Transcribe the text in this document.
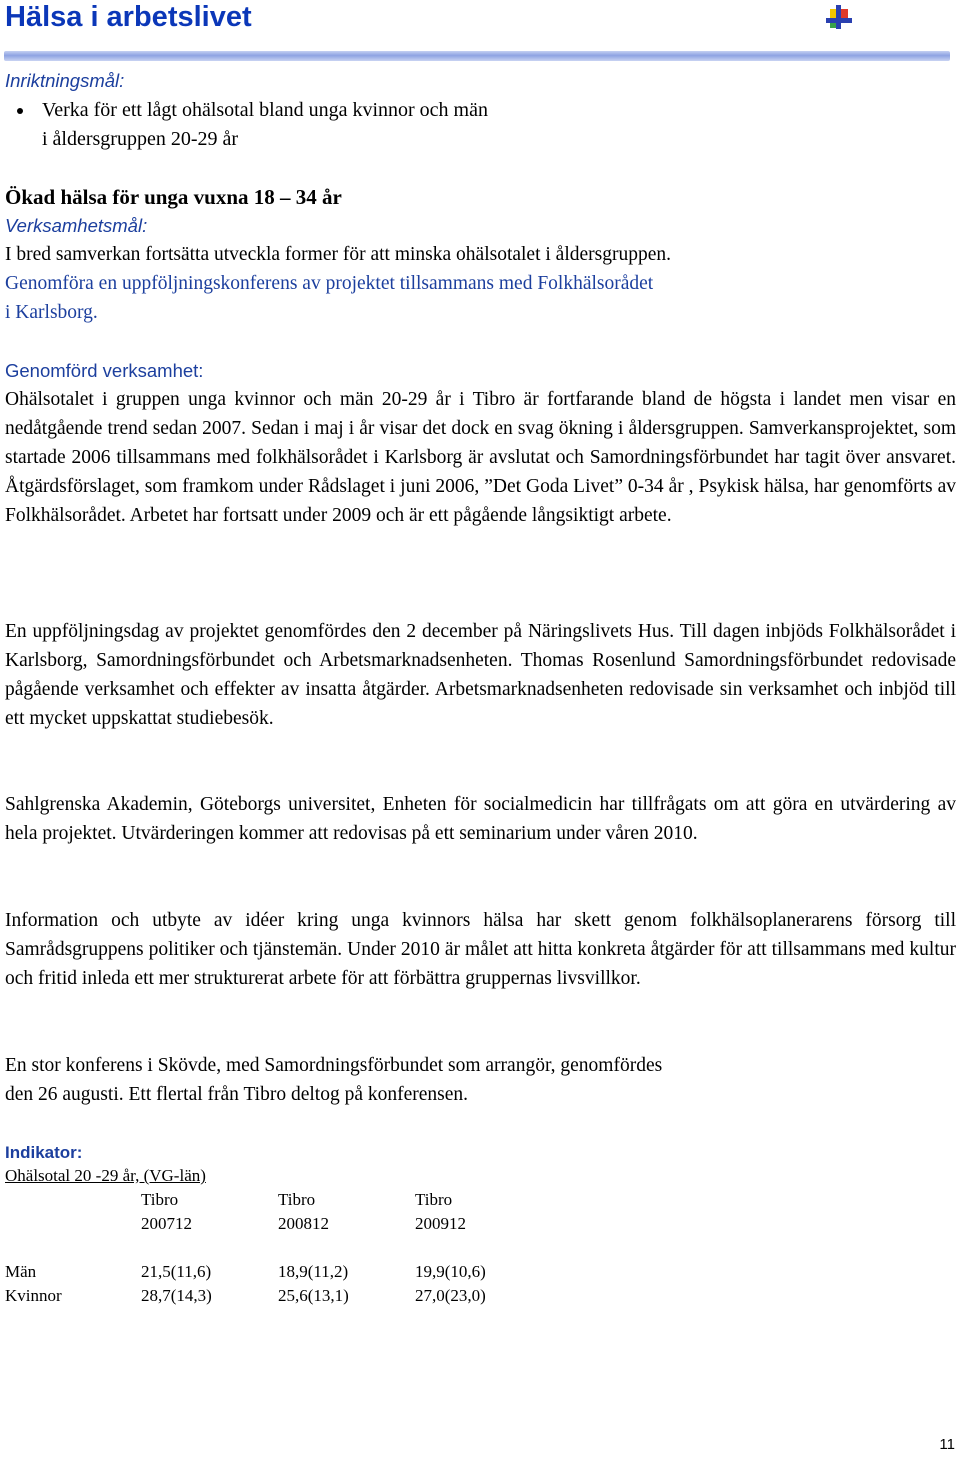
Hälsa i arbetslivet
Inriktningsmål:
Verka för ett lågt ohälsotal bland unga kvinnor och män
i åldersgruppen 20-29 år
Ökad hälsa för unga vuxna 18 – 34 år
Verksamhetsmål:
I bred samverkan fortsätta utveckla former för att minska ohälsotalet i åldersgruppen.
Genomföra en uppföljningskonferens av projektet tillsammans med Folkhälsorådet
i Karlsborg.
Genomförd verksamhet:
Ohälsotalet i gruppen unga kvinnor och män 20-29 år i Tibro är fortfarande bland de högsta i landet men visar en nedåtgående trend sedan 2007. Sedan i maj i år visar det dock en svag ökning i åldersgruppen. Samverkansprojektet, som startade 2006 tillsammans med folkhälsorådet i Karlsborg är avslutat och Samordningsförbundet har tagit över ansvaret. Åtgärdsförslaget, som framkom under Rådslaget i juni 2006, ”Det Goda Livet” 0-34 år , Psykisk hälsa, har genomförts av Folkhälsorådet. Arbetet har fortsatt under 2009 och är ett pågående långsiktigt arbete.
En uppföljningsdag av projektet genomfördes den 2 december på Näringslivets Hus. Till dagen inbjöds Folkhälsorådet i Karlsborg, Samordningsförbundet och Arbetsmarknadsenheten. Thomas Rosenlund Samordningsförbundet redovisade pågående verksamhet och effekter av insatta åtgärder. Arbetsmarknadsenheten redovisade sin verksamhet och inbjöd till ett mycket uppskattat studiebesök.
Sahlgrenska Akademin, Göteborgs universitet, Enheten för socialmedicin har tillfrågats om att göra en utvärdering av hela projektet. Utvärderingen kommer att redovisas på ett seminarium under våren 2010.
Information och utbyte av idéer kring unga kvinnors hälsa har skett genom folkhälsoplanerarens försorg till Samrådsgruppens politiker och tjänstemän. Under 2010 är målet att hitta konkreta åtgärder för att tillsammans med kultur och fritid inleda ett mer strukturerat arbete för att förbättra gruppernas livsvillkor.
En stor konferens i Skövde, med Samordningsförbundet som arrangör, genomfördes
den 26 augusti. Ett flertal från Tibro deltog på konferensen.
Indikator:
Ohälsotal 20 -29 år, (VG-län)
Tibro	Tibro	Tibro
200712	200812	200912
Män	21,5(11,6)	18,9(11,2)	19,9(10,6)
Kvinnor	28,7(14,3)	25,6(13,1)	27,0(23,0)
11
